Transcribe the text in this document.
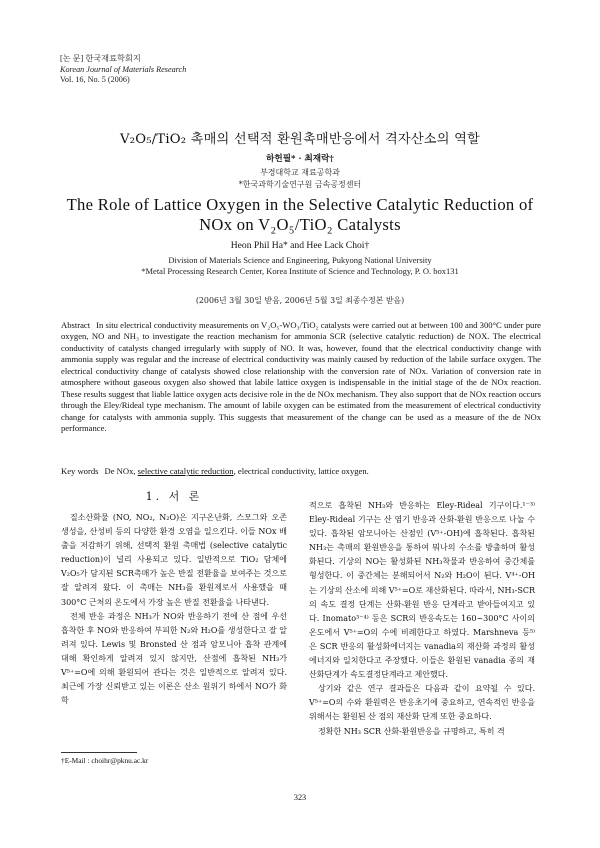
[논 문] 한국재료학회지
Korean Journal of Materials Research
Vol. 16, No. 5 (2006)
V₂O₅/TiO₂ 촉매의 선택적 환원촉매반응에서 격자산소의 역할
하헌필* · 최재락†
부경대학교 재료공학과
*한국과학기술연구원 금속공정센터
The Role of Lattice Oxygen in the Selective Catalytic Reduction of
NOx on V₂O₅/TiO₂ Catalysts
Heon Phil Ha* and Hee Lack Choi†
Division of Materials Science and Engineering, Pukyong National University
*Metal Processing Research Center, Korea Institute of Science and Technology, P. O. box131
(2006년 3월 30일 받음, 2006년 5월 3일 최종수정본 받음)
Abstract In situ electrical conductivity measurements on V₂O₅-WO₃/TiO₂ catalysts were carried out at between 100 and 300°C under pure oxygen, NO and NH₃ to investigate the reaction mechanism for ammonia SCR (selective catalytic reduction) de NOX. The electrical conductivity of catalysts changed irregularly with supply of NO. It was, however, found that the electrical conductivity change with ammonia supply was regular and the increase of electrical conductivity was mainly caused by reduction of the labile surface oxygen. The electrical conductivity change of catalysts showed close relationship with the conversion rate of NOx. Variation of conversion rate in atmosphere without gaseous oxygen also showed that labile lattice oxygen is indispensable in the initial stage of the de NOx reaction. These results suggest that liable lattice oxygen acts decisive role in the de NOx mechanism. They also support that de NOx reaction occurs through the Eley/Rideal type mechanism. The amount of labile oxygen can be estimated from the measurement of electrical conductivity change for catalysts with ammonia supply. This suggests that measurement of the change can be used as a measure of the de NOx performance.
Key words De NOx, selective catalytic reduction, electrical conductivity, lattice oxygen.
1. 서 론

질소산화물 (NO, NO₂, N₂O)은 지구온난화, 스모그와 오존 생성을, 산성비 등의 다양한 환경 오염을 일으킨다. 이들 NOx 배출을 저감하기 위해, 선택적 환원 촉매법 (selective catalytic reduction)이 널리 사용되고 있다. 일반적으로 TiO₂ 담체에 V₂O₅가 담지된 SCR촉매가 높은 반질 전환율을 보여주는 것으로 잘 알려져 왔다. 이 촉매는 NH₃를 환원제로서 사용했을 때 300°C 근처의 온도에서 가장 높은 반질 전환율을 나타낸다.

전체 반응 과정은 NH₃가 NO와 반응하기 전에 산 점에 우선 흡착한 후 NO와 반응하여 부피한 N₂와 H₂O를 생성한다고 잘 알려져 있다. Lewis 및 Bronsted 산 점과 암모니아 흡착 관계에 대해 확인하게 알려져 있지 않지만, 산점에 흡착된 NH₃가 V⁵⁺=O에 의해 환원되어 관다는 것은 일반적으로 알려져 있다. 최근에 가장 신뢰받고 있는 이론은 산소 원위기 하에서 NO가 화학

적으로 흡착된 NH₃와 반응하는 Eley-Rideal 기구이다.¹⁻³⁾ Eley-Rideal 기구는 산 염기 반응과 산화-환원 반응으로 나눌 수 있다. 흡착된 암모니아는 산점인 (V⁵⁺-OH)에 흡착된다. 흡착된 NH₃는 촉매의 환원반응을 통하여 뭐나의 수소를 방출하며 활성화된다. 기상의 NO는 활성화된 NH₃착물과 반응하여 중간체를 형성한다. 이 중간체는 분해되어서 N₂와 H₂O이 된다. V⁴⁺-OH는 기상의 산소에 의해 V⁵⁺=O로 재산화된다. 따라서, NH₃-SCR의 속도 결정 단계는 산화-환원 반응 단계라고 받아들여지고 있다. Inomato³⁻⁴⁾ 등은 SCR의 반응속도는 160~300°C 사이의 온도에서 V⁵⁺=O의 수에 비례한다고 하였다. Marshneva 등⁵⁾은 SCR 반응의 활성화에너지는 vanadia의 재산화 과정의 활성에너지와 일치한다고 주장했다. 이들은 환원된 vanadia 종의 재산화단계가 속도결정단계라고 제안했다.

상기와 같은 연구 결과들은 다음과 같이 요약될 수 있다. V⁵⁺=O의 수와 환원력은 반응초기에 중요하고, 연속적인 반응을 위해서는 환원된 산 점의 재산화 단계 또한 중요하다.

정확한 NH₃ SCR 산화-환원반응을 규명하고, 특히 격

†E-Mail : choihr@pknu.ac.kr
323
